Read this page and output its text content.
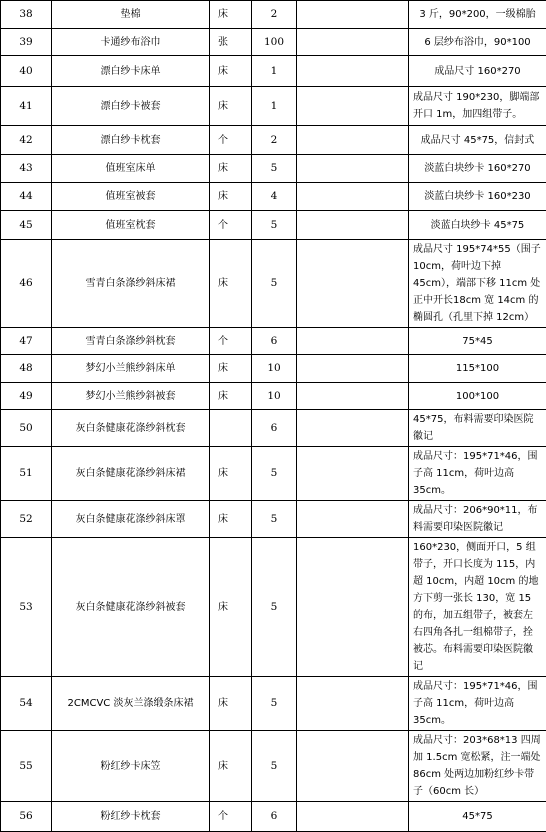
38	垫棉	床	2		3 斤，90*200，一级棉胎
39	卡通纱布浴巾	张	100		6 层纱布浴巾，90*100
40	漂白纱卡床单	床	1		成品尺寸 160*270
41	漂白纱卡被套	床	1		成品尺寸 190*230，脚端部开口 1m，加四组带子。
42	漂白纱卡枕套	个	2		成品尺寸 45*75，信封式
43	值班室床单	床	5		淡蓝白块纱卡 160*270
44	值班室被套	床	4		淡蓝白块纱卡 160*230
45	值班室枕套	个	5		淡蓝白块纱卡 45*75
46	雪青白条涤纱斜床裙	床	5		成品尺寸 195*74*55（围子10cm，荷叶边下掉 45cm），端部下移 11cm 处正中开长18cm 宽 14cm 的椭圆孔（孔里下掉 12cm）
47	雪青白条涤纱斜枕套	个	6		75*45
48	梦幻小兰熊纱斜床单	床	10		115*100
49	梦幻小兰熊纱斜被套	床	10		100*100
50	灰白条健康花涤纱斜枕套		6		45*75，布料需要印染医院徽记
51	灰白条健康花涤纱斜床裙	床	5		成品尺寸：195*71*46，围子高 11cm，荷叶边高 35cm。
52	灰白条健康花涤纱斜床罩	床	5		成品尺寸：206*90*11，布料需要印染医院徽记
53	灰白条健康花涤纱斜被套	床	5		160*230，侧面开口，5 组带子，开口长度为 115，内超 10cm，内超 10cm 的地方下剪一张长 130，宽 15 的布，加五组带子，被套左右四角各扎一组棉带子，拴被芯。布料需要印染医院徽记
54	2CMCVC 淡灰兰涤缎条床裙	床	5		成品尺寸：195*71*46，围子高 11cm，荷叶边高 35cm。
55	粉红纱卡床笠	床	5		成品尺寸：203*68*13 四周加 1.5cm 宽松紧，注一端处 86cm 处两边加粉红纱卡带子（60cm 长）
56	粉红纱卡枕套	个	6		45*75
